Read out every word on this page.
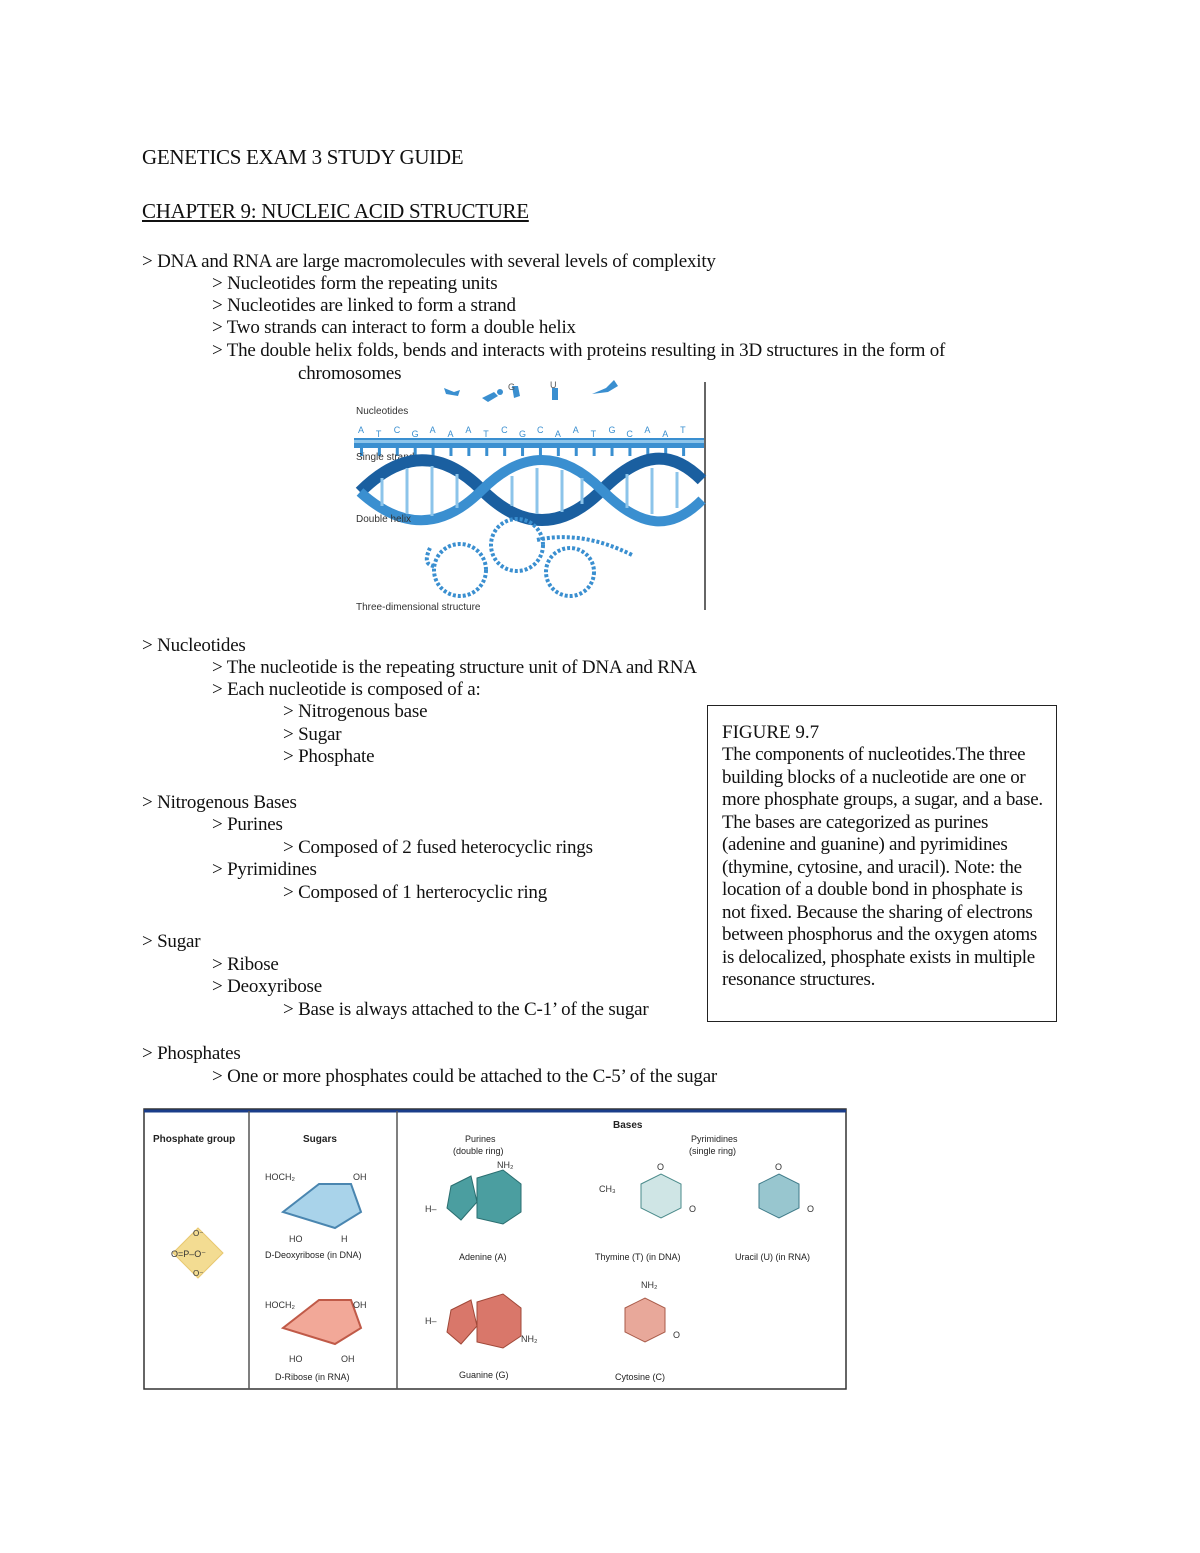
GENETICS EXAM 3 STUDY GUIDE
CHAPTER 9: NUCLEIC ACID STRUCTURE
> DNA and RNA are large macromolecules with several levels of complexity
> Nucleotides form the repeating units
> Nucleotides are linked to form a strand
> Two strands can interact to form a double helix
> The double helix folds, bends and interacts with proteins resulting in 3D structures in the form of
chromosomes
G	U
Nucleotides
A T C G A A A T C G C A A T G C A A T
Single strand
Double helix
Three-dimensional structure
> Nucleotides
> The nucleotide is the repeating structure unit of DNA and RNA
> Each nucleotide is composed of a:
> Nitrogenous base
> Sugar
> Phosphate
> Nitrogenous Bases
> Purines
> Composed of 2 fused heterocyclic rings
> Pyrimidines
> Composed of 1 herterocyclic ring
> Sugar
> Ribose
> Deoxyribose
> Base is always attached to the C-1’ of the sugar
> Phosphates
> One or more phosphates could be attached to the C-5’ of the sugar
FIGURE 9.7
The components of nucleotides.The three building blocks of a nucleotide are one or more phosphate groups, a sugar, and a base. The bases are categorized as purines (adenine and guanine) and pyrimidines (thymine, cytosine, and uracil). Note: the location of a double bond in phosphate is not fixed. Because the sharing of electrons between phosphorus and the oxygen atoms is delocalized, phosphate exists in multiple resonance structures.
Phosphate group	Sugars
Bases
Purines
(double ring)
Pyrimidines
(single ring)
O=P–O⁻
O⁻
O⁻
HOCH₂	OH
HO	H
D-Deoxyribose (in DNA)
HOCH₂	OH
HO	OH
D-Ribose (in RNA)
NH₂
H–
Adenine (A)
NH₂
H–
Guanine (G)
CH₃
O
O
Thymine (T) (in DNA)
O
O
Uracil (U) (in RNA)
NH₂
O
Cytosine (C)
